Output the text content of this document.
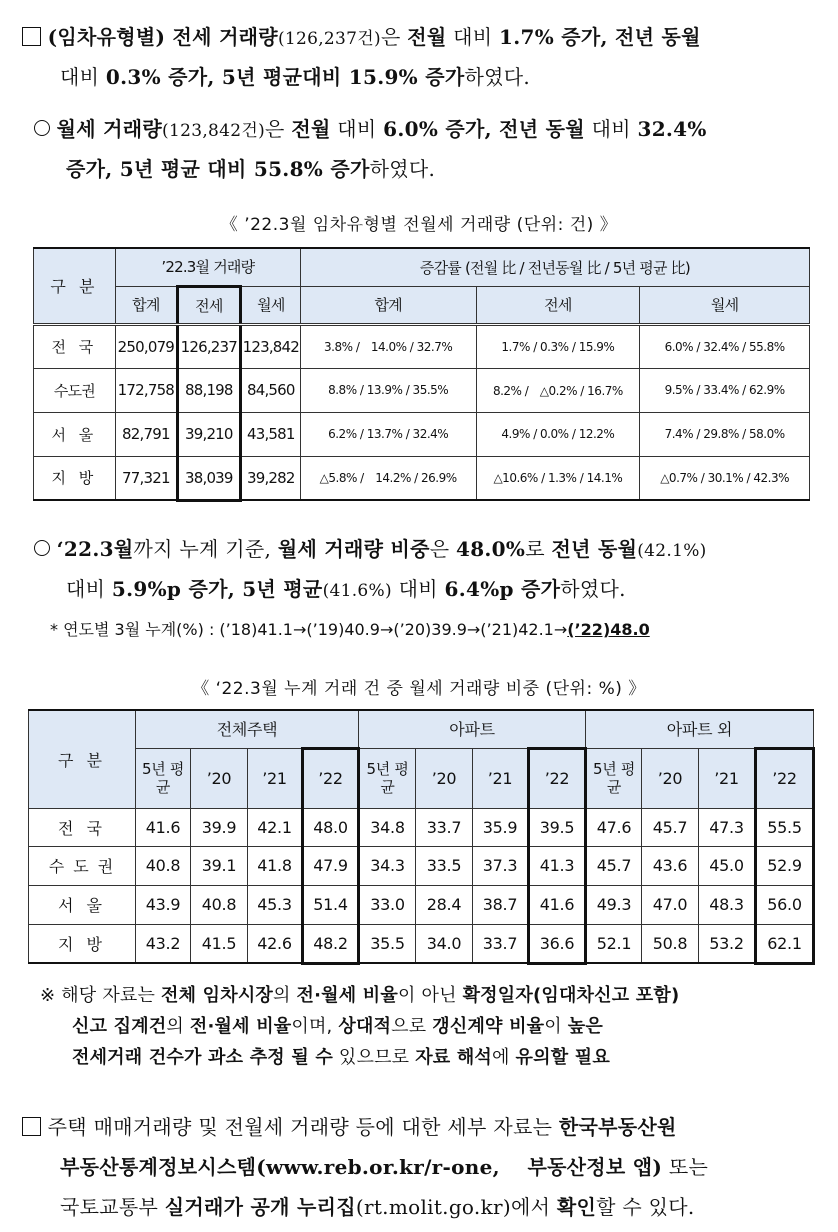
(임차유형별) 전세 거래량(126,237건)은 전월 대비 1.7% 증가, 전년 동월
대비 0.3% 증가, 5년 평균대비 15.9% 증가하였다.
월세 거래량(123,842건)은 전월 대비 6.0% 증가, 전년 동월 대비 32.4%
증가, 5년 평균 대비 55.8% 증가하였다.
《 ’22.3월 임차유형별 전월세 거래량 (단위: 건) 》
구 분	’22.3월 거래량			증감률 (전월 比 / 전년동월 比 / 5년 평균 比)		
	합계	전세	월세	합계	전세	월세
전 국	250,079	126,237	123,842	3.8% /　14.0% / 32.7%	1.7% / 0.3% / 15.9%	6.0% / 32.4% / 55.8%
수도권	172,758	88,198	84,560	8.8% / 13.9% / 35.5%	8.2% /　△0.2% / 16.7%	9.5% / 33.4% / 62.9%
서 울	82,791	39,210	43,581	6.2% / 13.7% / 32.4%	4.9% / 0.0% / 12.2%	7.4% / 29.8% / 58.0%
지 방	77,321	38,039	39,282	△5.8% /　14.2% / 26.9%	△10.6% / 1.3% / 14.1%	△0.7% / 30.1% / 42.3%
‘22.3월까지 누계 기준, 월세 거래량 비중은 48.0%로 전년 동월(42.1%)
대비 5.9%p 증가, 5년 평균(41.6%) 대비 6.4%p 증가하였다.
* 연도별 3월 누계(%) : (’18)41.1→(’19)40.9→(’20)39.9→(’21)42.1→(’22)48.0
《 ‘22.3월 누계 거래 건 중 월세 거래량 비중 (단위: %) 》
구 분	전체주택				아파트				아파트 외			
	5년 평균	’20	’21	’22	5년 평균	’20	’21	’22	5년 평균	’20	’21	’22
전 국	41.6	39.9	42.1	48.0	34.8	33.7	35.9	39.5	47.6	45.7	47.3	55.5
수 도 권	40.8	39.1	41.8	47.9	34.3	33.5	37.3	41.3	45.7	43.6	45.0	52.9
서 울	43.9	40.8	45.3	51.4	33.0	28.4	38.7	41.6	49.3	47.0	48.3	56.0
지 방	43.2	41.5	42.6	48.2	35.5	34.0	33.7	36.6	52.1	50.8	53.2	62.1
※ 해당 자료는 전체 임차시장의 전·월세 비율이 아닌 확정일자(임대차신고 포함)
신고 집계건의 전·월세 비율이며, 상대적으로 갱신계약 비율이 높은
전세거래 건수가 과소 추정 될 수 있으므로 자료 해석에 유의할 필요
주택 매매거래량 및 전월세 거래량 등에 대한 세부 자료는 한국부동산원
부동산통계정보시스템(www.reb.or.kr/r-one,　 부동산정보 앱) 또는
국토교통부 실거래가 공개 누리집(rt.molit.go.kr)에서 확인할 수 있다.
